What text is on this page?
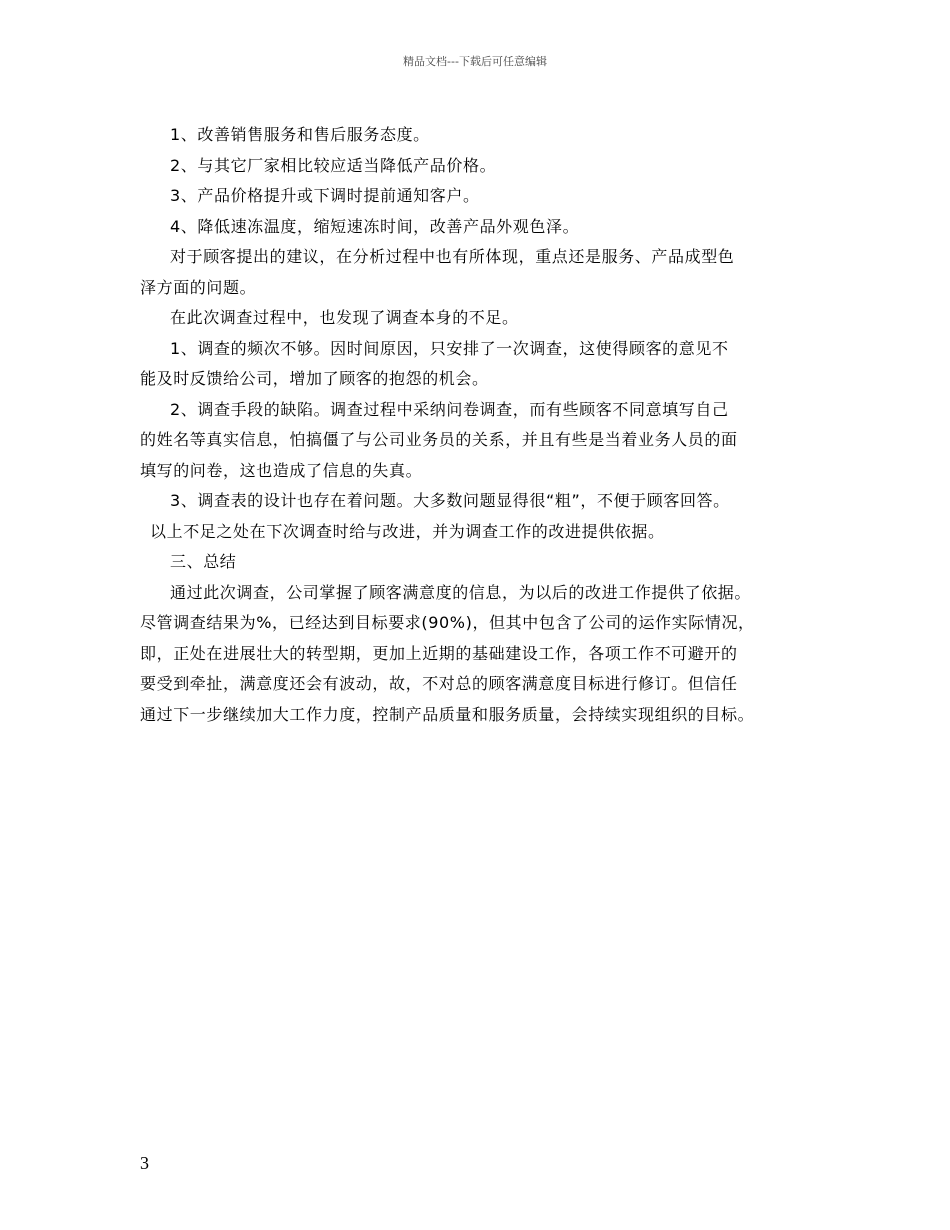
精品文档---下载后可任意编辑
1、改善销售服务和售后服务态度。
2、与其它厂家相比较应适当降低产品价格。
3、产品价格提升或下调时提前通知客户。
4、降低速冻温度，缩短速冻时间，改善产品外观色泽。
对于顾客提出的建议，在分析过程中也有所体现，重点还是服务、产品成型色
泽方面的问题。
在此次调查过程中，也发现了调查本身的不足。
1、调查的频次不够。因时间原因，只安排了一次调查，这使得顾客的意见不
能及时反馈给公司，增加了顾客的抱怨的机会。
2、调查手段的缺陷。调查过程中采纳问卷调查，而有些顾客不同意填写自己
的姓名等真实信息，怕搞僵了与公司业务员的关系，并且有些是当着业务人员的面
填写的问卷，这也造成了信息的失真。
3、调查表的设计也存在着问题。大多数问题显得很“粗”，不便于顾客回答。
以上不足之处在下次调查时给与改进，并为调查工作的改进提供依据。
三、总结
通过此次调查，公司掌握了顾客满意度的信息，为以后的改进工作提供了依据。
尽管调查结果为%，已经达到目标要求(90%)，但其中包含了公司的运作实际情况，
即，正处在进展壮大的转型期，更加上近期的基础建设工作，各项工作不可避开的
要受到牵扯，满意度还会有波动，故，不对总的顾客满意度目标进行修订。但信任
通过下一步继续加大工作力度，控制产品质量和服务质量，会持续实现组织的目标。
3
